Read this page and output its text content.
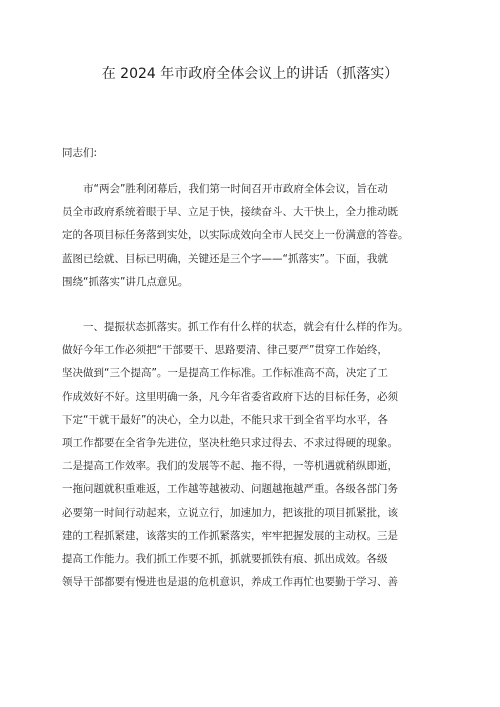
在 2024 年市政府全体会议上的讲话（抓落实）
同志们:
市“两会”胜利闭幕后，我们第一时间召开市政府全体会议，旨在动
员全市政府系统着眼于早、立足于快，接续奋斗、大干快上，全力推动既
定的各项目标任务落到实处，以实际成效向全市人民交上一份满意的答卷。
蓝图已绘就、目标已明确，关键还是三个字——“抓落实”。下面，我就
围绕“抓落实”讲几点意见。
一、提振状态抓落实。抓工作有什么样的状态，就会有什么样的作为。
做好今年工作必须把“干部要干、思路要清、律己要严”贯穿工作始终，
坚决做到“三个提高”。一是提高工作标准。工作标准高不高，决定了工
作成效好不好。这里明确一条，凡今年省委省政府下达的目标任务，必须
下定“干就干最好”的决心，全力以赴，不能只求干到全省平均水平，各
项工作都要在全省争先进位，坚决杜绝只求过得去、不求过得硬的现象。
二是提高工作效率。我们的发展等不起、拖不得，一等机遇就稍纵即逝，
一拖问题就积重难返，工作越等越被动、问题越拖越严重。各级各部门务
必要第一时间行动起来，立说立行，加速加力，把该批的项目抓紧批，该
建的工程抓紧建，该落实的工作抓紧落实，牢牢把握发展的主动权。三是
提高工作能力。我们抓工作要不抓，抓就要抓铁有痕、抓出成效。各级
领导干部都要有慢进也是退的危机意识，养成工作再忙也要勤于学习、善
